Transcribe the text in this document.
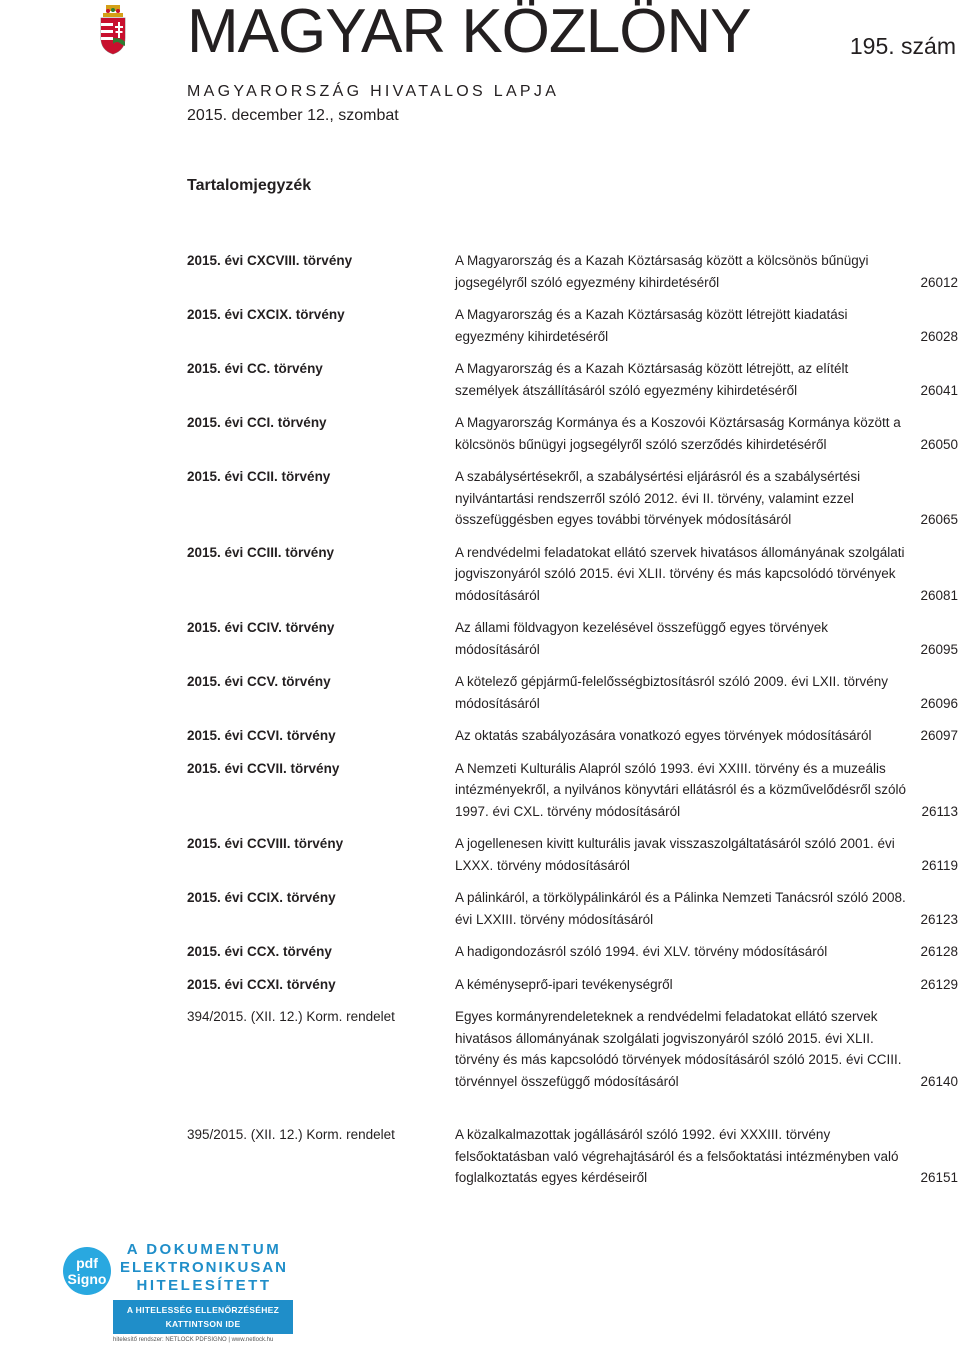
MAGYAR KÖZLÖNY	195. szám
MAGYARORSZÁG HIVATALOS LAPJA
2015. december 12., szombat
Tartalomjegyzék
2015. évi CXCVIII. törvény	A Magyarország és a Kazah Köztársaság között a kölcsönös bűnügyi jogsegélyről szóló egyezmény kihirdetéséről	26012
2015. évi CXCIX. törvény	A Magyarország és a Kazah Köztársaság között létrejött kiadatási egyezmény kihirdetéséről	26028
2015. évi CC. törvény	A Magyarország és a Kazah Köztársaság között létrejött, az elítélt személyek átszállításáról szóló egyezmény kihirdetéséről	26041
2015. évi CCI. törvény	A Magyarország Kormánya és a Koszovói Köztársaság Kormánya között a kölcsönös bűnügyi jogsegélyről szóló szerződés kihirdetéséről	26050
2015. évi CCII. törvény	A szabálysértésekről, a szabálysértési eljárásról és a szabálysértési nyilvántartási rendszerről szóló 2012. évi II. törvény, valamint ezzel összefüggésben egyes további törvények módosításáról	26065
2015. évi CCIII. törvény	A rendvédelmi feladatokat ellátó szervek hivatásos állományának szolgálati jogviszonyáról szóló 2015. évi XLII. törvény és más kapcsolódó törvények módosításáról	26081
2015. évi CCIV. törvény	Az állami földvagyon kezelésével összefüggő egyes törvények módosításáról	26095
2015. évi CCV. törvény	A kötelező gépjármű-felelősségbiztosításról szóló 2009. évi LXII. törvény módosításáról	26096
2015. évi CCVI. törvény	Az oktatás szabályozására vonatkozó egyes törvények módosításáról	26097
2015. évi CCVII. törvény	A Nemzeti Kulturális Alapról szóló 1993. évi XXIII. törvény és a muzeális intézményekről, a nyilvános könyvtári ellátásról és a közművelődésről szóló 1997. évi CXL. törvény módosításáról	26113
2015. évi CCVIII. törvény	A jogellenesen kivitt kulturális javak visszaszolgáltatásáról szóló 2001. évi LXXX. törvény módosításáról	26119
2015. évi CCIX. törvény	A pálinkáról, a törkölypálinkáról és a Pálinka Nemzeti Tanácsról szóló 2008. évi LXXIII. törvény módosításáról	26123
2015. évi CCX. törvény	A hadigondozásról szóló 1994. évi XLV. törvény módosításáról	26128
2015. évi CCXI. törvény	A kéményseprő-ipari tevékenységről	26129
394/2015. (XII. 12.) Korm. rendelet	Egyes kormányrendeleteknek a rendvédelmi feladatokat ellátó szervek hivatásos állományának szolgálati jogviszonyáról szóló 2015. évi XLII. törvény és más kapcsolódó törvények módosításáról szóló 2015. évi CCIII. törvénnyel összefüggő módosításáról	26140
395/2015. (XII. 12.) Korm. rendelet	A közalkalmazottak jogállásáról szóló 1992. évi XXXIII. törvény felsőoktatásban való végrehajtásáról és a felsőoktatási intézményben való foglalkoztatás egyes kérdéseiről	26151
pdf Signo
A DOKUMENTUM
ELEKTRONIKUSAN
HITELESÍTETT
A HITELESSÉG ELLENŐRZÉSÉHEZ
KATTINTSON IDE
hitelesítő rendszer: NETLOCK PDFSIGNO | www.netlock.hu
